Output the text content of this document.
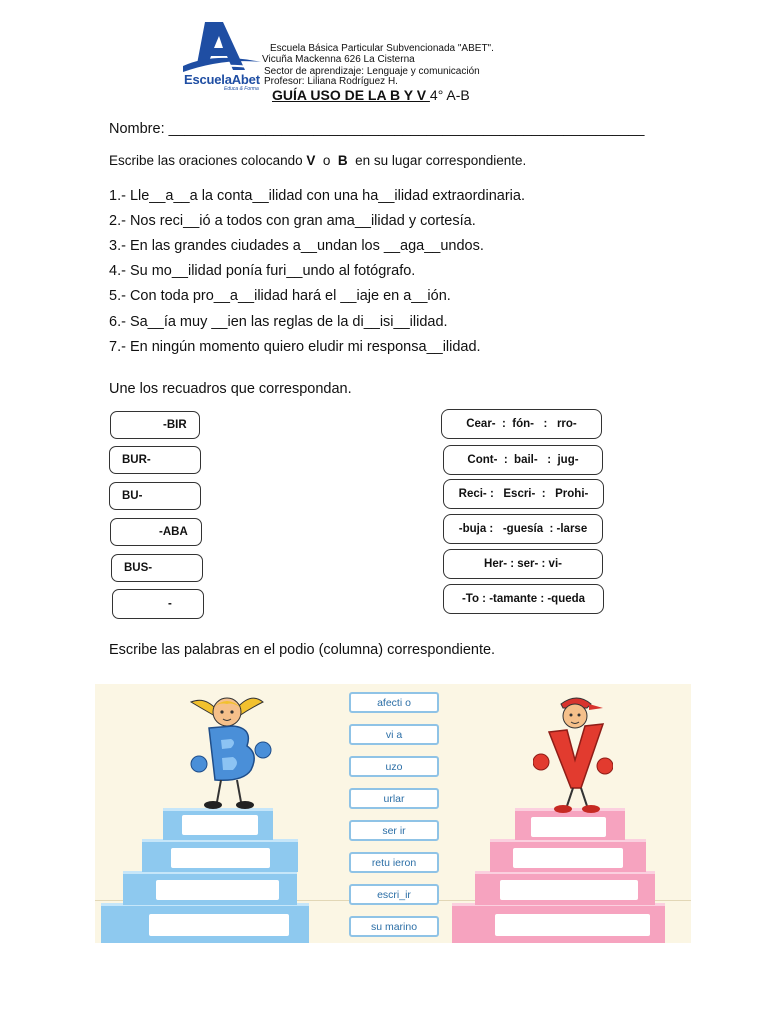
EscuelaAbet
Educa & Forma
Escuela Básica Particular Subvencionada "ABET".
Vicuña Mackenna 626 La Cisterna
Sector de aprendizaje: Lenguaje y comunicación
Profesor: Liliana Rodríguez H.
GUÍA USO DE LA B Y V 4° A-B
Nombre: ___________________________________________________________
Escribe las oraciones colocando V  o  B  en su lugar correspondiente.
1.- Lle__a__a la conta__ilidad con una ha__ilidad extraordinaria.
2.- Nos reci__ió a todos con gran ama__ilidad y cortesía.
3.- En las grandes ciudades a__undan los __aga__undos.
4.- Su mo__ilidad ponía furi__undo al fotógrafo.
5.- Con toda pro__a__ilidad hará el __iaje en a__ión.
6.- Sa__ía muy __ien las reglas de la di__isi__ilidad.
7.- En ningún momento quiero eludir mi responsa__ilidad.
Une los recuadros que correspondan.
-BIR
BUR-
BU-
-ABA
BUS-
-
Cear-  :  fón-   :   rro-
Cont-  :  bail-   :  jug-
Reci- :   Escri-  :   Prohi-
-buja :   -guesía  : -larse
Her- : ser- : vi-
-To : -tamante : -queda
Escribe las palabras en el podio (columna) correspondiente.
afecti o
vi a
uzo
urlar
ser ir
retu ieron
escri_ir
su marino
